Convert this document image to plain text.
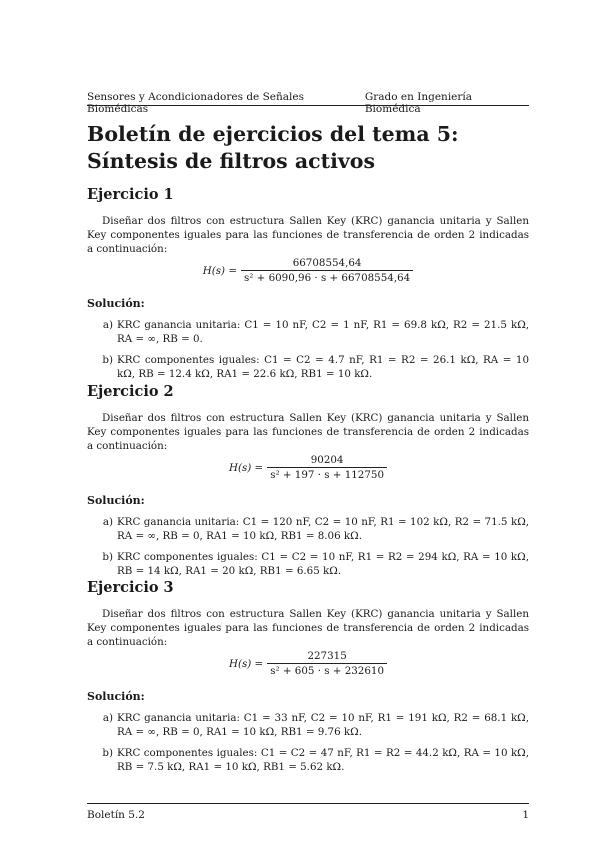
Sensores y Acondicionadores de Señales Biomédicas
Grado en Ingeniería Biomédica
Boletín de ejercicios del tema 5:
Síntesis de filtros activos
Ejercicio 1

Diseñar dos filtros con estructura Sallen Key (KRC) ganancia unitaria y Sallen Key componentes iguales para las funciones de transferencia de orden 2 indicadas a continuación:

$H(s) = \frac{66708554,64}{\text{s² + 6090,96 · s + 66708554,64}}$
Solución:
a) KRC ganancia unitaria: C1 = 10 nF, C2 = 1 nF, R1 = 69.8 kΩ, R2 = 21.5 kΩ, RA = ∞, RB = 0.
b) KRC componentes iguales: C1 = C2 = 4.7 nF, R1 = R2 = 26.1 kΩ, RA = 10 kΩ, RB = 12.4 kΩ, RA1 = 22.6 kΩ, RB1 = 10 kΩ.
Ejercicio 2

Diseñar dos filtros con estructura Sallen Key (KRC) ganancia unitaria y Sallen Key componentes iguales para las funciones de transferencia de orden 2 indicadas a continuación:

$H(s) = \frac{90204}{\text{s² + 197 · s + 112750}}$
Solución:
a) KRC ganancia unitaria: C1 = 120 nF, C2 = 10 nF, R1 = 102 kΩ, R2 = 71.5 kΩ, RA = ∞, RB = 0, RA1 = 10 kΩ, RB1 = 8.06 kΩ.
b) KRC componentes iguales: C1 = C2 = 10 nF, R1 = R2 = 294 kΩ, RA = 10 kΩ, RB = 14 kΩ, RA1 = 20 kΩ, RB1 = 6.65 kΩ.
Ejercicio 3

Diseñar dos filtros con estructura Sallen Key (KRC) ganancia unitaria y Sallen Key componentes iguales para las funciones de transferencia de orden 2 indicadas a continuación:

$H(s) = \frac{227315}{\text{s² + 605 · s + 232610}}$
Solución:
a) KRC ganancia unitaria: C1 = 33 nF, C2 = 10 nF, R1 = 191 kΩ, R2 = 68.1 kΩ, RA = ∞, RB = 0, RA1 = 10 kΩ, RB1 = 9.76 kΩ.
b) KRC componentes iguales: C1 = C2 = 47 nF, R1 = R2 = 44.2 kΩ, RA = 10 kΩ, RB = 7.5 kΩ, RA1 = 10 kΩ, RB1 = 5.62 kΩ.
Boletín 5.2	1
